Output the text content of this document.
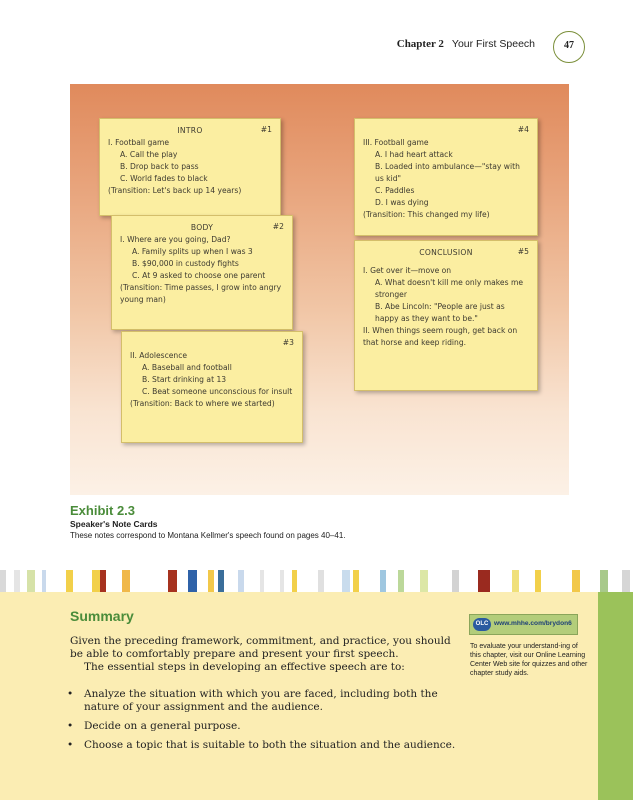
Chapter 2 Your First Speech	47
INTRO	#1
I. Football game
A. Call the play
B. Drop back to pass
C. World fades to black
(Transition: Let's back up 14 years)
BODY	#2
I. Where are you going, Dad?
A. Family splits up when I was 3
B. $90,000 in custody fights
C. At 9 asked to choose one parent
(Transition: Time passes, I grow into angry young man)
#3
II. Adolescence
A. Baseball and football
B. Start drinking at 13
C. Beat someone unconscious for insult
(Transition: Back to where we started)
#4
III. Football game
A. I had heart attack
B. Loaded into ambulance—"stay with us kid"
C. Paddles
D. I was dying
(Transition: This changed my life)
CONCLUSION	#5
I. Get over it—move on
A. What doesn't kill me only makes me stronger
B. Abe Lincoln: "People are just as happy as they want to be."
II. When things seem rough, get back on that horse and keep riding.
Exhibit 2.3
Speaker's Note Cards
These notes correspond to Montana Kellmer's speech found on pages 40–41.
Summary

Given the preceding framework, commitment, and practice, you should be able to comfortably prepare and present your first speech.

The essential steps in developing an effective speech are to:

• Analyze the situation with which you are faced, including both the nature of your assignment and the audience.
• Decide on a general purpose.
• Choose a topic that is suitable to both the situation and the audience.
OLC www.mhhe.com/brydon6
To evaluate your understand-ing of this chapter, visit our Online Learning Center Web site for quizzes and other chapter study aids.
